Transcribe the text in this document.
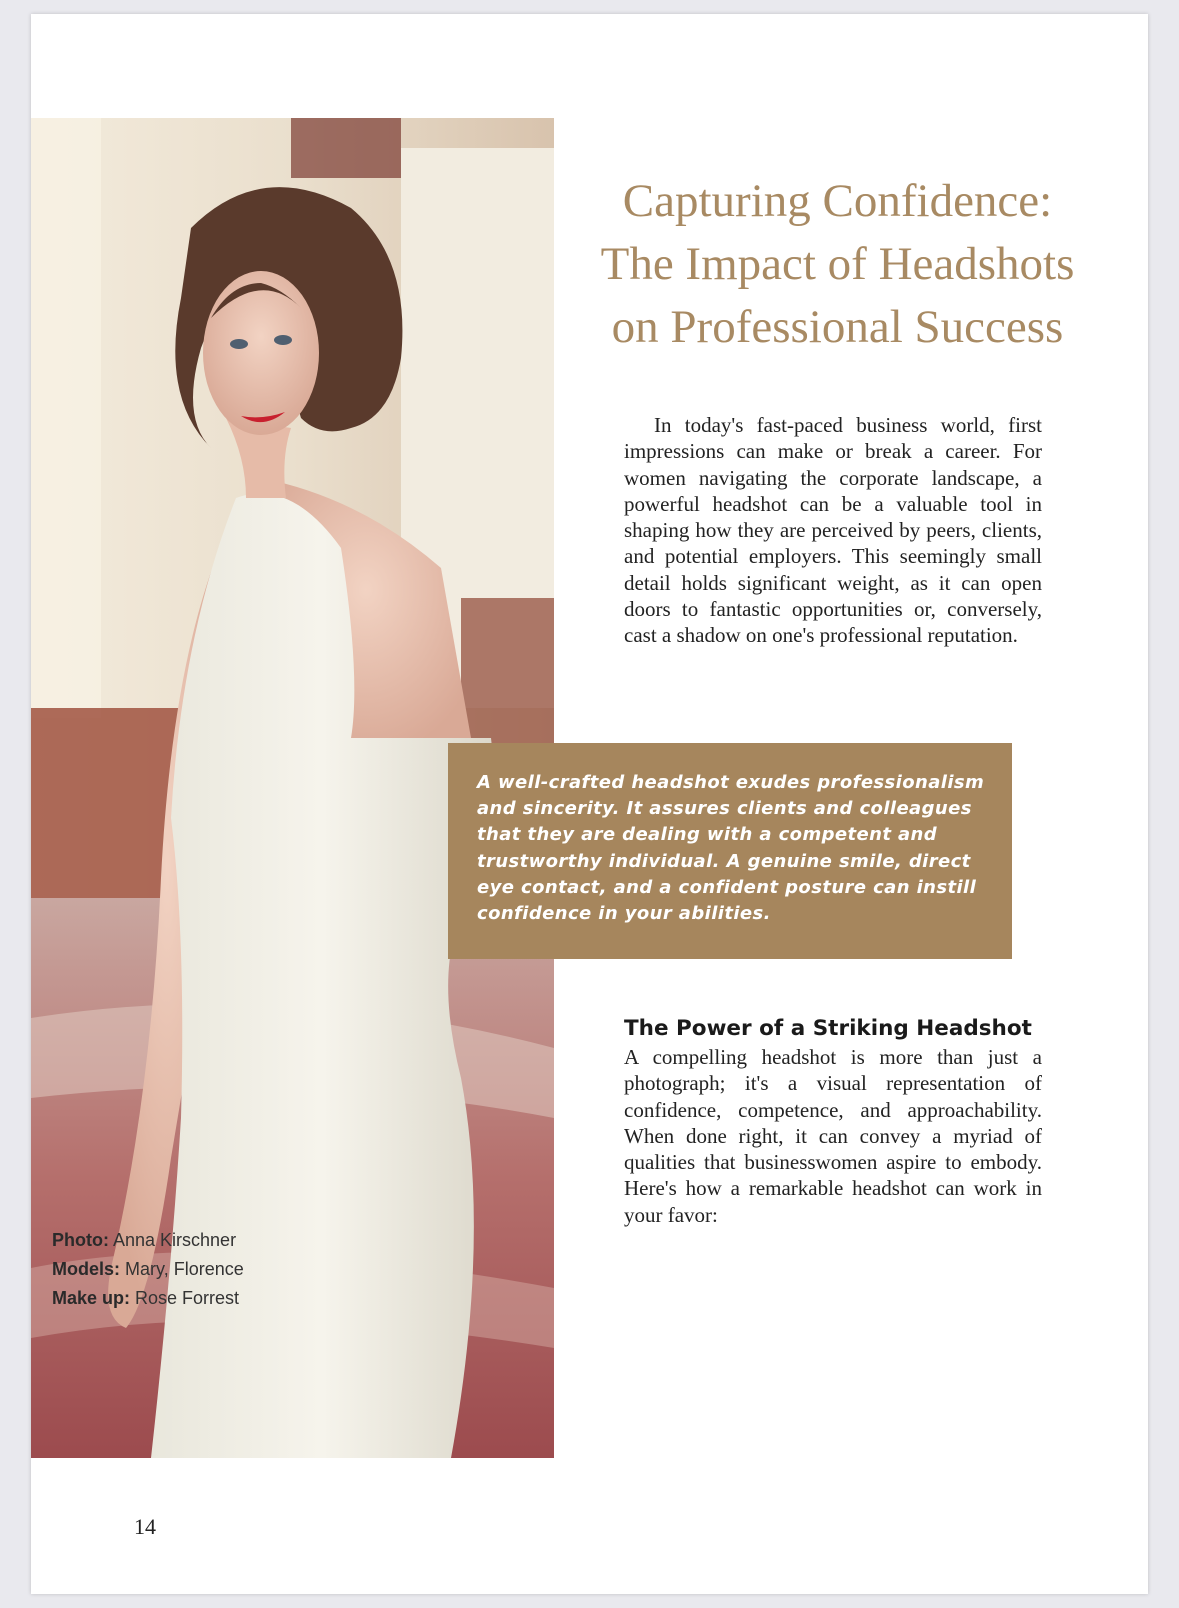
Photo: Anna Kirschner
Models: Mary, Florence
Make up: Rose Forrest
Capturing Confidence:
The Impact of Headshots
on Professional Success
In today's fast-paced business world, first impressions can make or break a career. For women navigating the corporate landscape, a powerful headshot can be a valuable tool in shaping how they are perceived by peers, clients, and potential employers. This seemingly small detail holds significant weight, as it can open doors to fantastic opportunities or, conversely, cast a shadow on one's professional reputation.
A well-crafted headshot exudes professionalism and sincerity. It assures clients and colleagues that they are dealing with a competent and trustworthy individual. A genuine smile, direct eye contact, and a confident posture can instill confidence in your abilities.
The Power of a Striking Headshot
A compelling headshot is more than just a photograph; it's a visual representation of confidence, competence, and approachability. When done right, it can convey a myriad of qualities that businesswomen aspire to embody. Here's how a remarkable headshot can work in your favor:
14
